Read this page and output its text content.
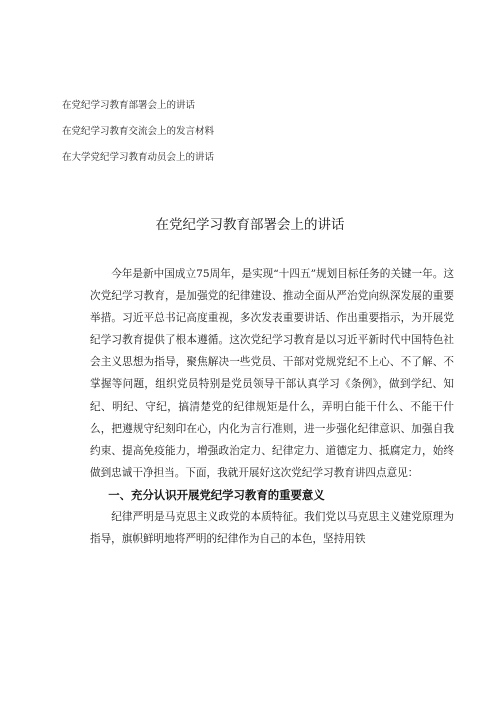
在党纪学习教育部署会上的讲话
在党纪学习教育交流会上的发言材料
在大学党纪学习教育动员会上的讲话
在党纪学习教育部署会上的讲话

今年是新中国成立75周年，是实现“十四五”规划目标任务的关键一年。这次党纪学习教育，是加强党的纪律建设、推动全面从严治党向纵深发展的重要举措。习近平总书记高度重视，多次发表重要讲话、作出重要指示，为开展党纪学习教育提供了根本遵循。这次党纪学习教育是以习近平新时代中国特色社会主义思想为指导，聚焦解决一些党员、干部对党规党纪不上心、不了解、不掌握等问题，组织党员特别是党员领导干部认真学习《条例》，做到学纪、知纪、明纪、守纪，搞清楚党的纪律规矩是什么，弄明白能干什么、不能干什么，把遵规守纪刻印在心，内化为言行准则，进一步强化纪律意识、加强自我约束、提高免疫能力，增强政治定力、纪律定力、道德定力、抵腐定力，始终做到忠诚干净担当。下面，我就开展好这次党纪学习教育讲四点意见：

一、充分认识开展党纪学习教育的重要意义

纪律严明是马克思主义政党的本质特征。我们党以马克思主义建党原理为指导，旗帜鲜明地将严明的纪律作为自己的本色，坚持用铁
